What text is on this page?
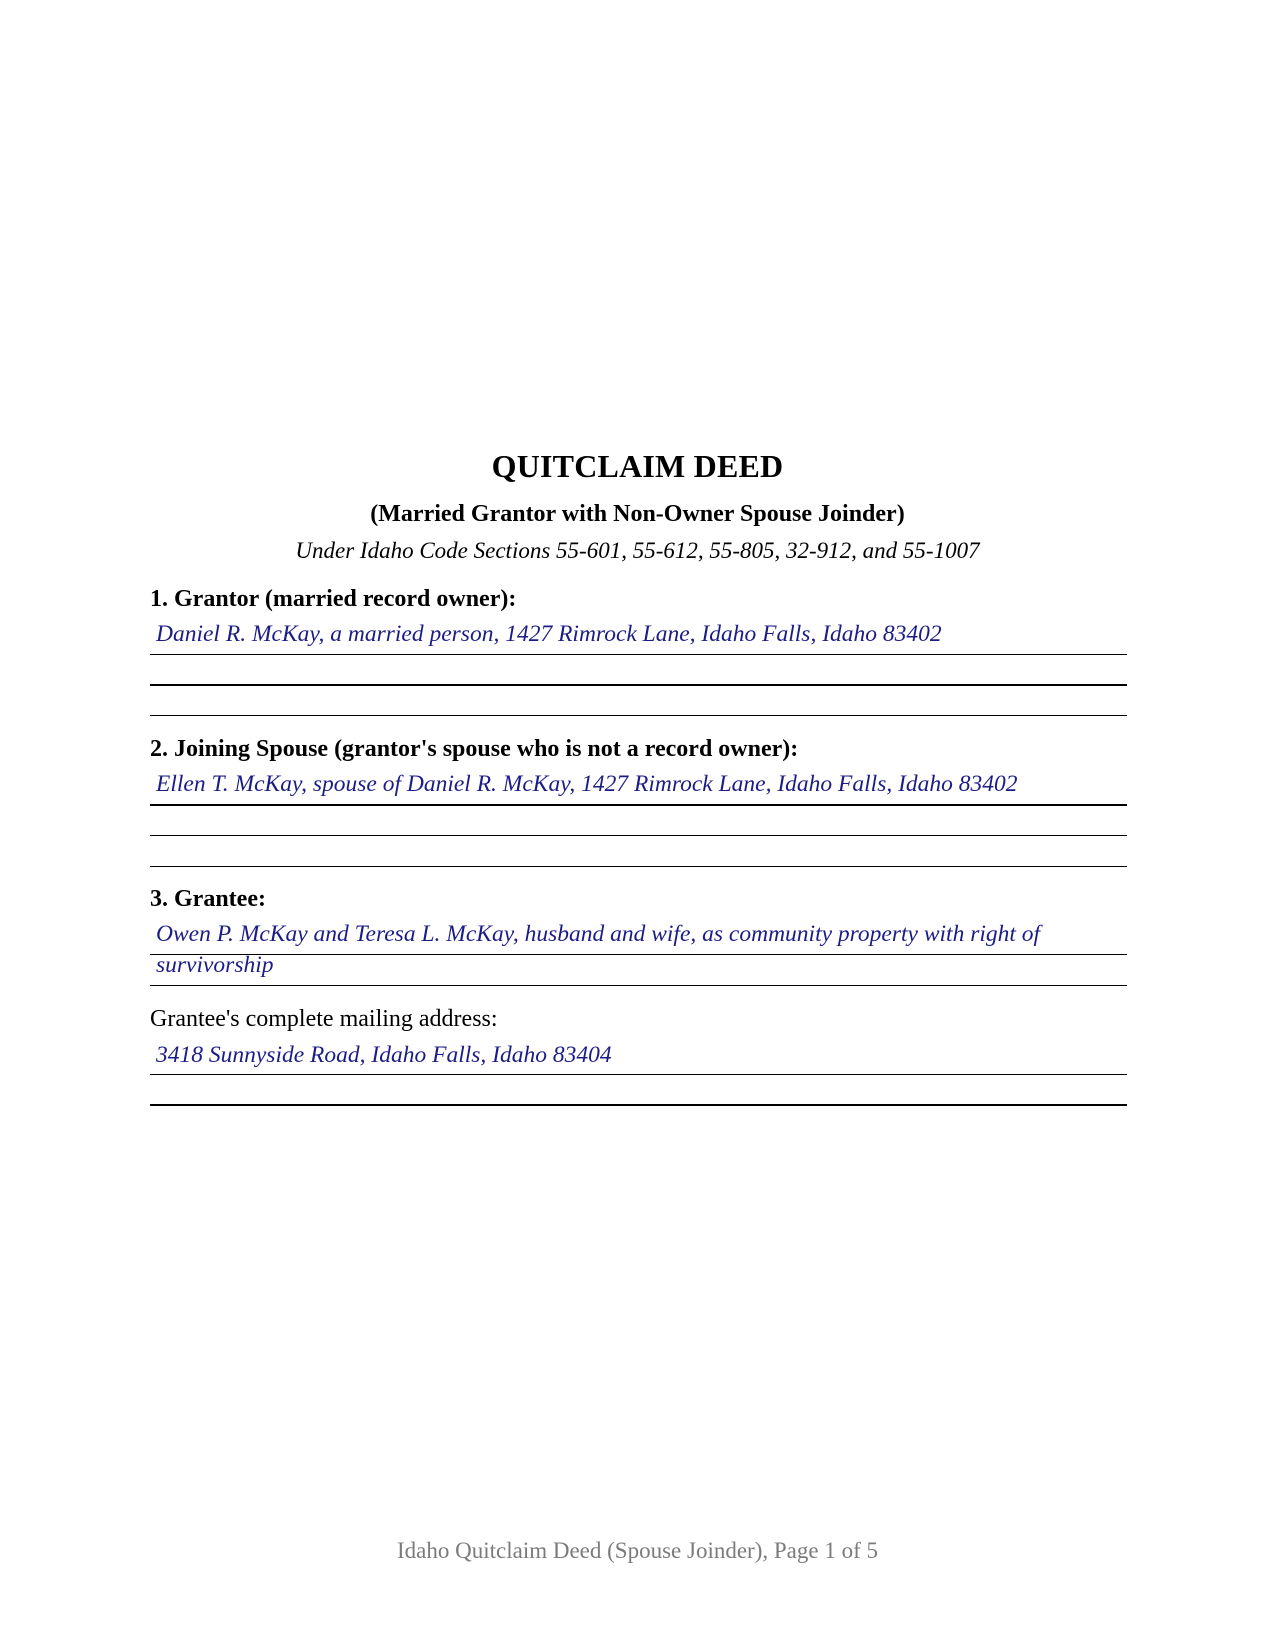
QUITCLAIM DEED
(Married Grantor with Non-Owner Spouse Joinder)
Under Idaho Code Sections 55-601, 55-612, 55-805, 32-912, and 55-1007
1. Grantor (married record owner):
Daniel R. McKay, a married person, 1427 Rimrock Lane, Idaho Falls, Idaho 83402
2. Joining Spouse (grantor's spouse who is not a record owner):
Ellen T. McKay, spouse of Daniel R. McKay, 1427 Rimrock Lane, Idaho Falls, Idaho 83402
3. Grantee:
Owen P. McKay and Teresa L. McKay, husband and wife, as community property with right of
survivorship
Grantee's complete mailing address:
3418 Sunnyside Road, Idaho Falls, Idaho 83404
Idaho Quitclaim Deed (Spouse Joinder), Page 1 of 5
